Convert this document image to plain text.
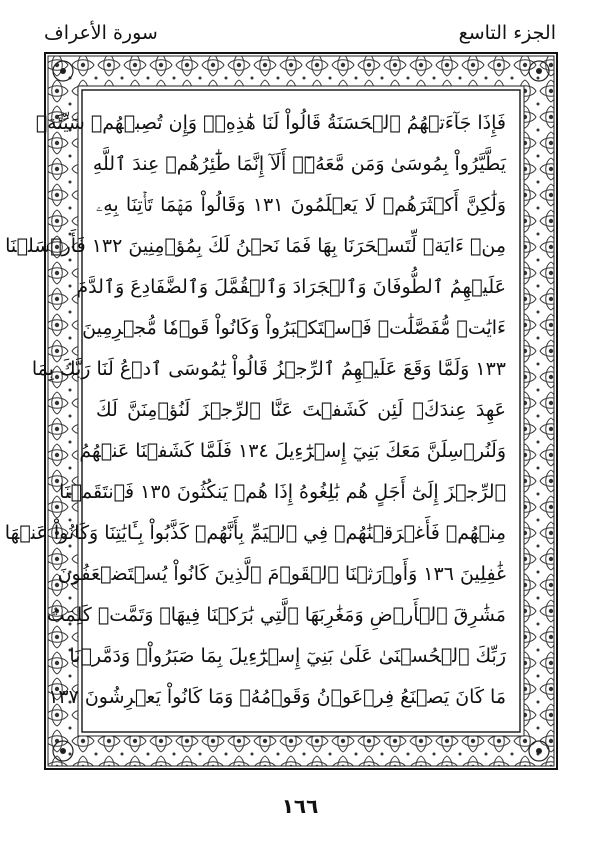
الجزء التاسع
سورة الأعراف
فَإِذَا جَآءَتۡهُمُ ٱلۡحَسَنَةُ قَالُواْ لَنَا هَٰذِهِۦۖ وَإِن تُصِبۡهُمۡ سَيِّئَةٞ
يَطَّيَّرُواْ بِمُوسَىٰ وَمَن مَّعَهُۥٓۗ أَلَآ إِنَّمَا طَٰٓئِرُهُمۡ عِندَ ٱللَّهِ
وَلَٰكِنَّ أَكۡثَرَهُمۡ لَا يَعۡلَمُونَ ١٣١ وَقَالُواْ مَهۡمَا تَأۡتِنَا بِهِۦ
مِنۡ ءَايَةٖ لِّتَسۡحَرَنَا بِهَا فَمَا نَحۡنُ لَكَ بِمُؤۡمِنِينَ ١٣٢ فَأَرۡسَلۡنَا
عَلَيۡهِمُ ٱلطُّوفَانَ وَٱلۡجَرَادَ وَٱلۡقُمَّلَ وَٱلضَّفَادِعَ وَٱلدَّمَ
ءَايَٰتٖ مُّفَصَّلَٰتٖ فَٱسۡتَكۡبَرُواْ وَكَانُواْ قَوۡمٗا مُّجۡرِمِينَ
١٣٣ وَلَمَّا وَقَعَ عَلَيۡهِمُ ٱلرِّجۡزُ قَالُواْ يَٰمُوسَى ٱدۡعُ لَنَا رَبَّكَ بِمَا
عَهِدَ عِندَكَۖ لَئِن كَشَفۡتَ عَنَّا ٱلرِّجۡزَ لَنُؤۡمِنَنَّ لَكَ
وَلَنُرۡسِلَنَّ مَعَكَ بَنِيٓ إِسۡرَٰٓءِيلَ ١٣٤ فَلَمَّا كَشَفۡنَا عَنۡهُمُ
ٱلرِّجۡزَ إِلَىٰٓ أَجَلٍ هُم بَٰلِغُوهُ إِذَا هُمۡ يَنكُثُونَ ١٣٥ فَٱنتَقَمۡنَا
مِنۡهُمۡ فَأَغۡرَقۡنَٰهُمۡ فِي ٱلۡيَمِّ بِأَنَّهُمۡ كَذَّبُواْ بِـَٔايَٰتِنَا وَكَانُواْ عَنۡهَا
غَٰفِلِينَ ١٣٦ وَأَوۡرَثۡنَا ٱلۡقَوۡمَ ٱلَّذِينَ كَانُواْ يُسۡتَضۡعَفُونَ
مَشَٰرِقَ ٱلۡأَرۡضِ وَمَغَٰرِبَهَا ٱلَّتِي بَٰرَكۡنَا فِيهَاۖ وَتَمَّتۡ كَلِمَتُ
رَبِّكَ ٱلۡحُسۡنَىٰ عَلَىٰ بَنِيٓ إِسۡرَٰٓءِيلَ بِمَا صَبَرُواْۖ وَدَمَّرۡنَا
مَا كَانَ يَصۡنَعُ فِرۡعَوۡنُ وَقَوۡمُهُۥ وَمَا كَانُواْ يَعۡرِشُونَ ١٣٧
١٦٦
